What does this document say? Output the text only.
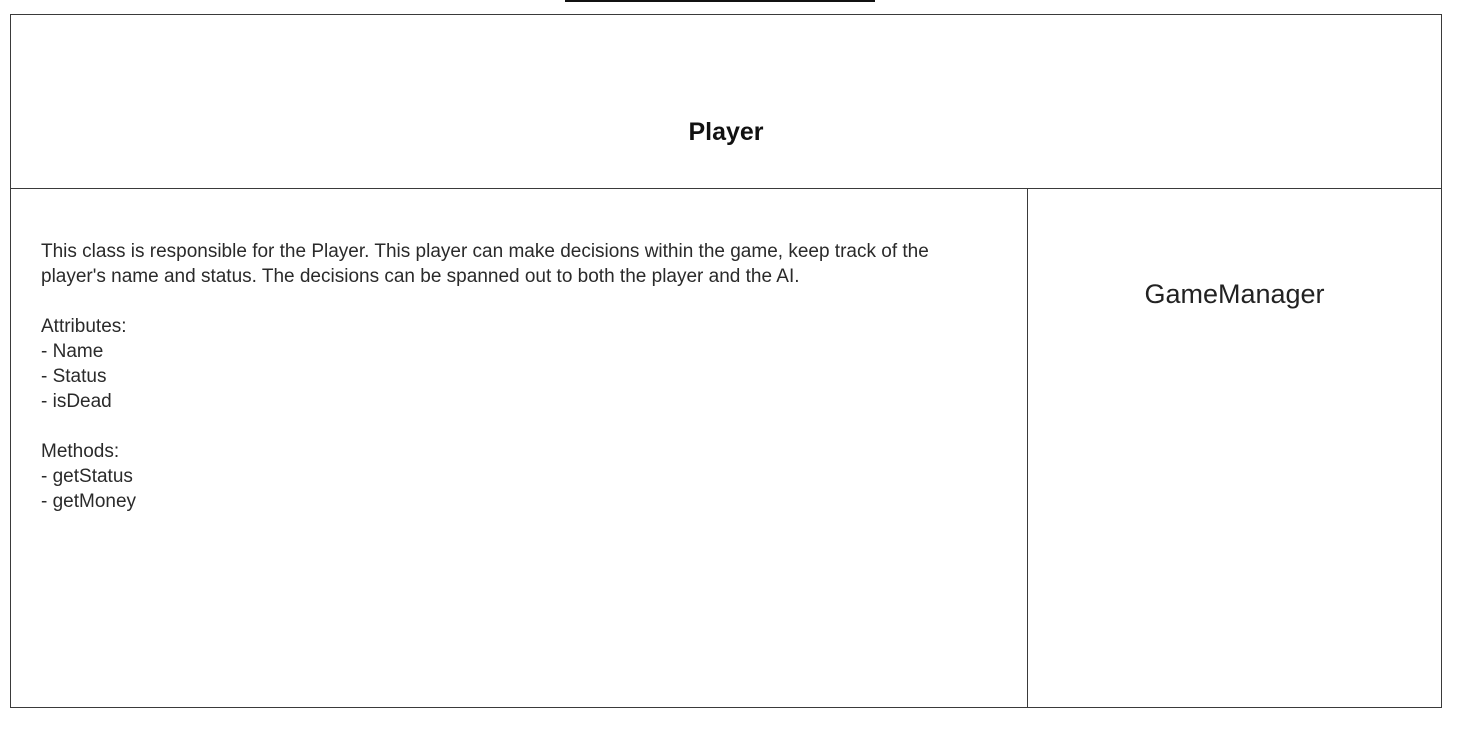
Player

This class is responsible for the Player. This player can make decisions within the game, keep track of the player's name and status. The decisions can be spanned out to both the player and the AI.

Attributes:

- Name
- Status
- isDead

Methods:

- getStatus
- getMoney
GameManager
